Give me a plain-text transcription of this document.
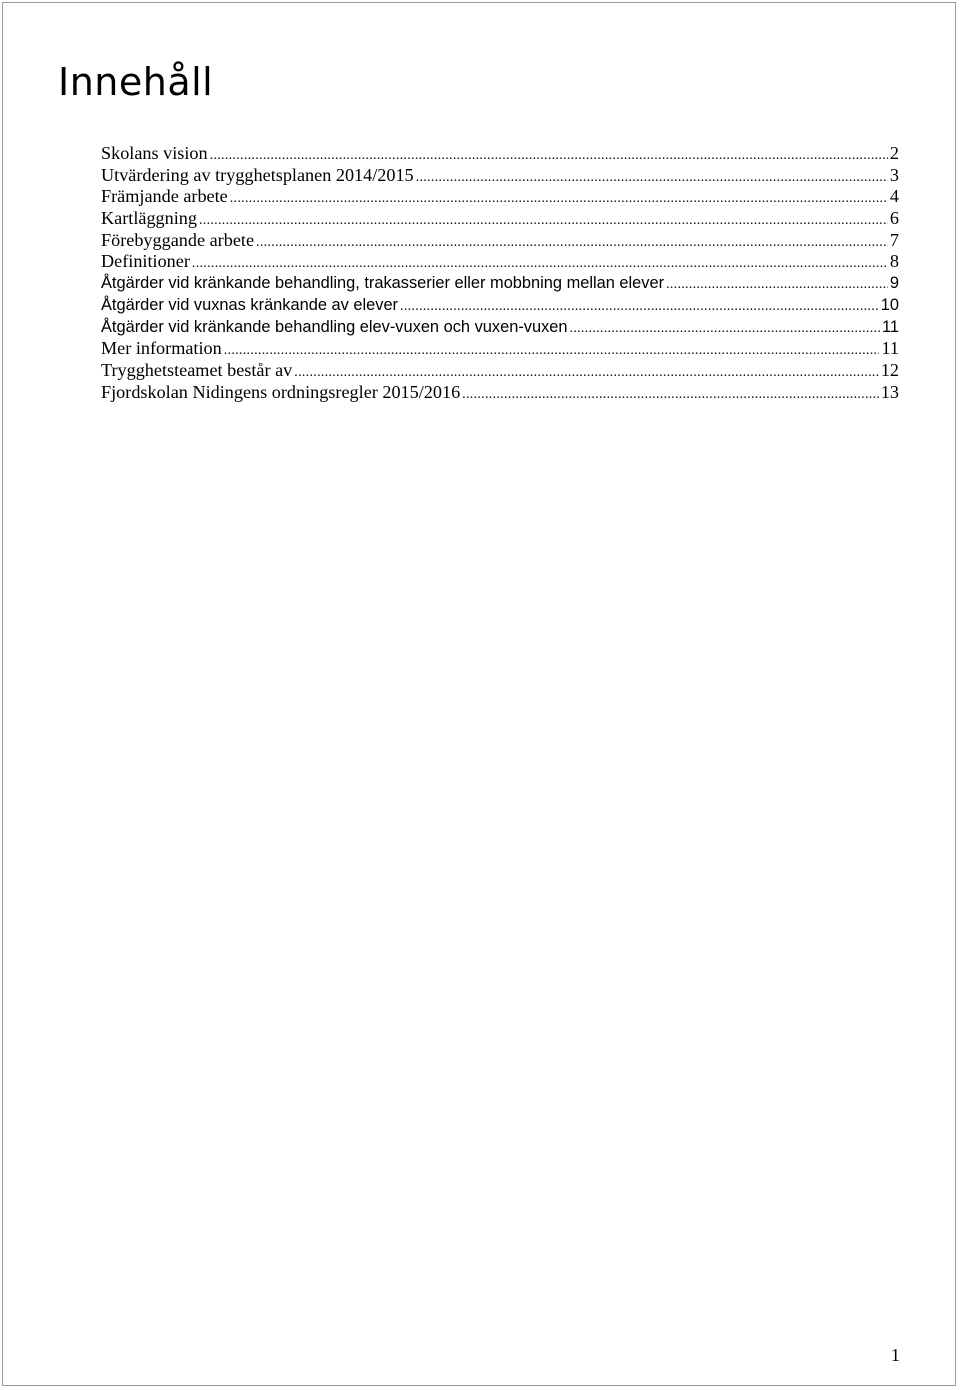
Innehåll
Skolans vision .....	2
Utvärdering av trygghetsplanen 2014/2015 .....	3
Främjande arbete .....	4
Kartläggning .....	6
Förebyggande arbete .....	7
Definitioner .....	8
Åtgärder vid kränkande behandling, trakasserier eller mobbning mellan elever .....	9
Åtgärder vid vuxnas kränkande av elever .....	10
Åtgärder vid kränkande behandling elev-vuxen och vuxen-vuxen .....	11
Mer information .....	11
Trygghetsteamet består av .....	12
Fjordskolan Nidingens ordningsregler 2015/2016 .....	13
1
